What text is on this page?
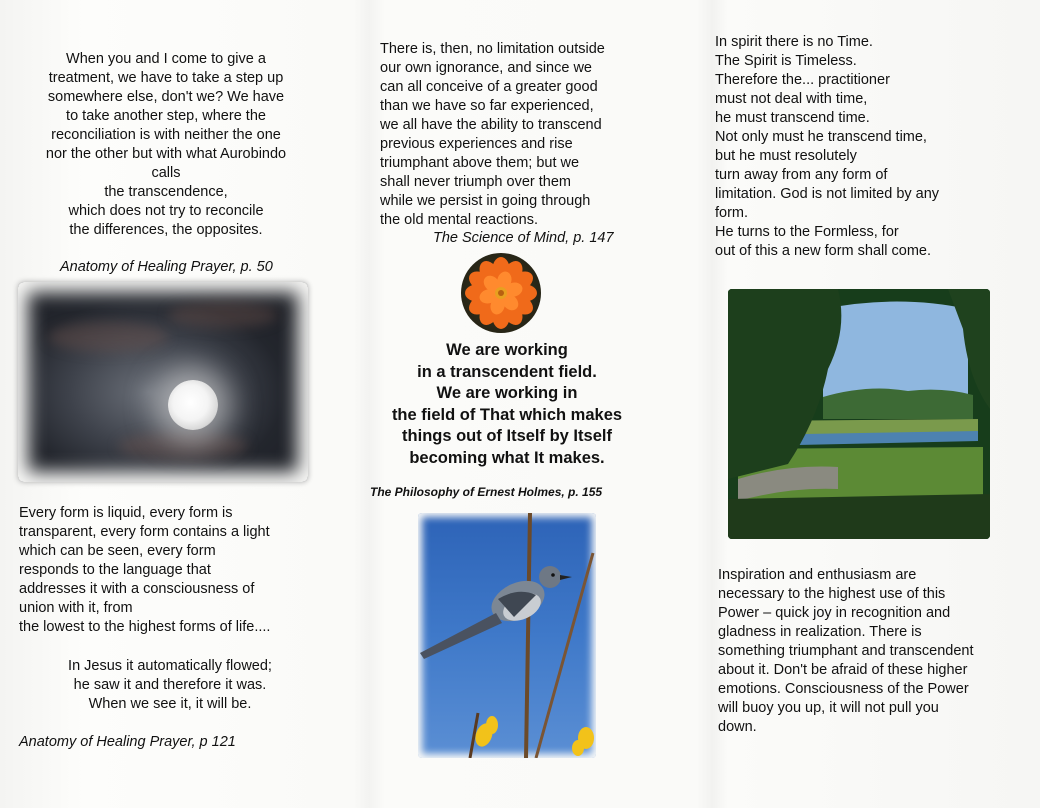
When you and I come to give a
treatment, we have to take a step up
somewhere else, don't we? We have
to take another step, where the
reconciliation is with neither the one
nor the other but with what Aurobindo
calls
the transcendence,
which does not try to reconcile
the differences, the opposites.
Anatomy of Healing Prayer, p. 50
Every form is liquid, every form is
transparent, every form contains a light
which can be seen, every form
responds to the language that
addresses it with a consciousness of
union with it, from
the lowest to the highest forms of life....
In Jesus it automatically flowed;
he saw it and therefore it was.
When we see it, it will be.
Anatomy of Healing Prayer, p 121
There is, then, no limitation outside
our own ignorance, and since we
can all conceive of a greater good
than we have so far experienced,
we all have the ability to transcend
previous experiences and rise
triumphant above them; but we
shall never triumph over them
while we persist in going through
the old mental reactions.
The Science of Mind, p. 147
We are working
in a transcendent field.
We are working in
the field of That which makes
things out of Itself by Itself
becoming what It makes.
The Philosophy of Ernest Holmes, p. 155
In spirit there is no Time.
The Spirit is Timeless.
Therefore the... practitioner
must not deal with time,
he must transcend time.
Not only must he transcend time,
but he must resolutely
turn away from any form of
limitation. God is not limited by any
form.
He turns to the Formless, for
out of this a new form shall come.
Inspiration and enthusiasm are
necessary to the highest use of this
Power – quick joy in recognition and
gladness in realization. There is
something triumphant and transcendent
about it. Don't be afraid of these higher
emotions. Consciousness of the Power
will buoy you up, it will not pull you
down.
